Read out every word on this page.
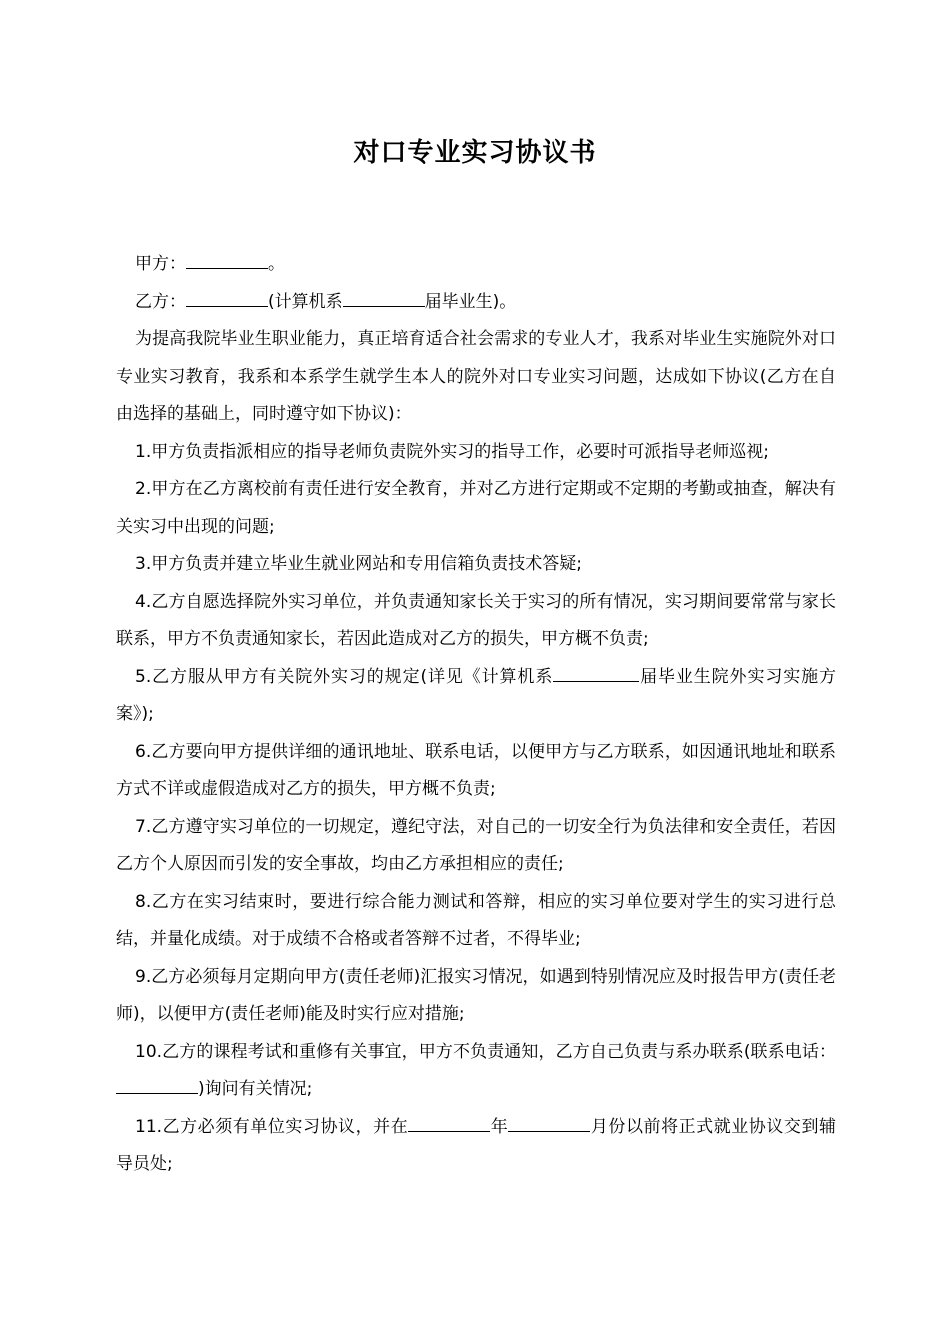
对口专业实习协议书

甲方：	。

乙方：	(计算机系	届毕业生)。

为提高我院毕业生职业能力，真正培育适合社会需求的专业人才，我系对毕业生实施院外对口专业实习教育，我系和本系学生就学生本人的院外对口专业实习问题，达成如下协议(乙方在自由选择的基础上，同时遵守如下协议)：

1.甲方负责指派相应的指导老师负责院外实习的指导工作，必要时可派指导老师巡视;

2.甲方在乙方离校前有责任进行安全教育，并对乙方进行定期或不定期的考勤或抽查，解决有关实习中出现的问题;

3.甲方负责并建立毕业生就业网站和专用信箱负责技术答疑;

4.乙方自愿选择院外实习单位，并负责通知家长关于实习的所有情况，实习期间要常常与家长联系，甲方不负责通知家长，若因此造成对乙方的损失，甲方概不负责;

5.乙方服从甲方有关院外实习的规定(详见《计算机系	届毕业生院外实习实施方案》);

6.乙方要向甲方提供详细的通讯地址、联系电话，以便甲方与乙方联系，如因通讯地址和联系方式不详或虚假造成对乙方的损失，甲方概不负责;

7.乙方遵守实习单位的一切规定，遵纪守法，对自己的一切安全行为负法律和安全责任，若因乙方个人原因而引发的安全事故，均由乙方承担相应的责任;

8.乙方在实习结束时，要进行综合能力测试和答辩，相应的实习单位要对学生的实习进行总结，并量化成绩。对于成绩不合格或者答辩不过者，不得毕业;

9.乙方必须每月定期向甲方(责任老师)汇报实习情况，如遇到特别情况应及时报告甲方(责任老师)，以便甲方(责任老师)能及时实行应对措施;

10.乙方的课程考试和重修有关事宜，甲方不负责通知，乙方自己负责与系办联系(联系电话：)询问有关情况;

11.乙方必须有单位实习协议，并在	年	月份以前将正式就业协议交到辅导员处;
